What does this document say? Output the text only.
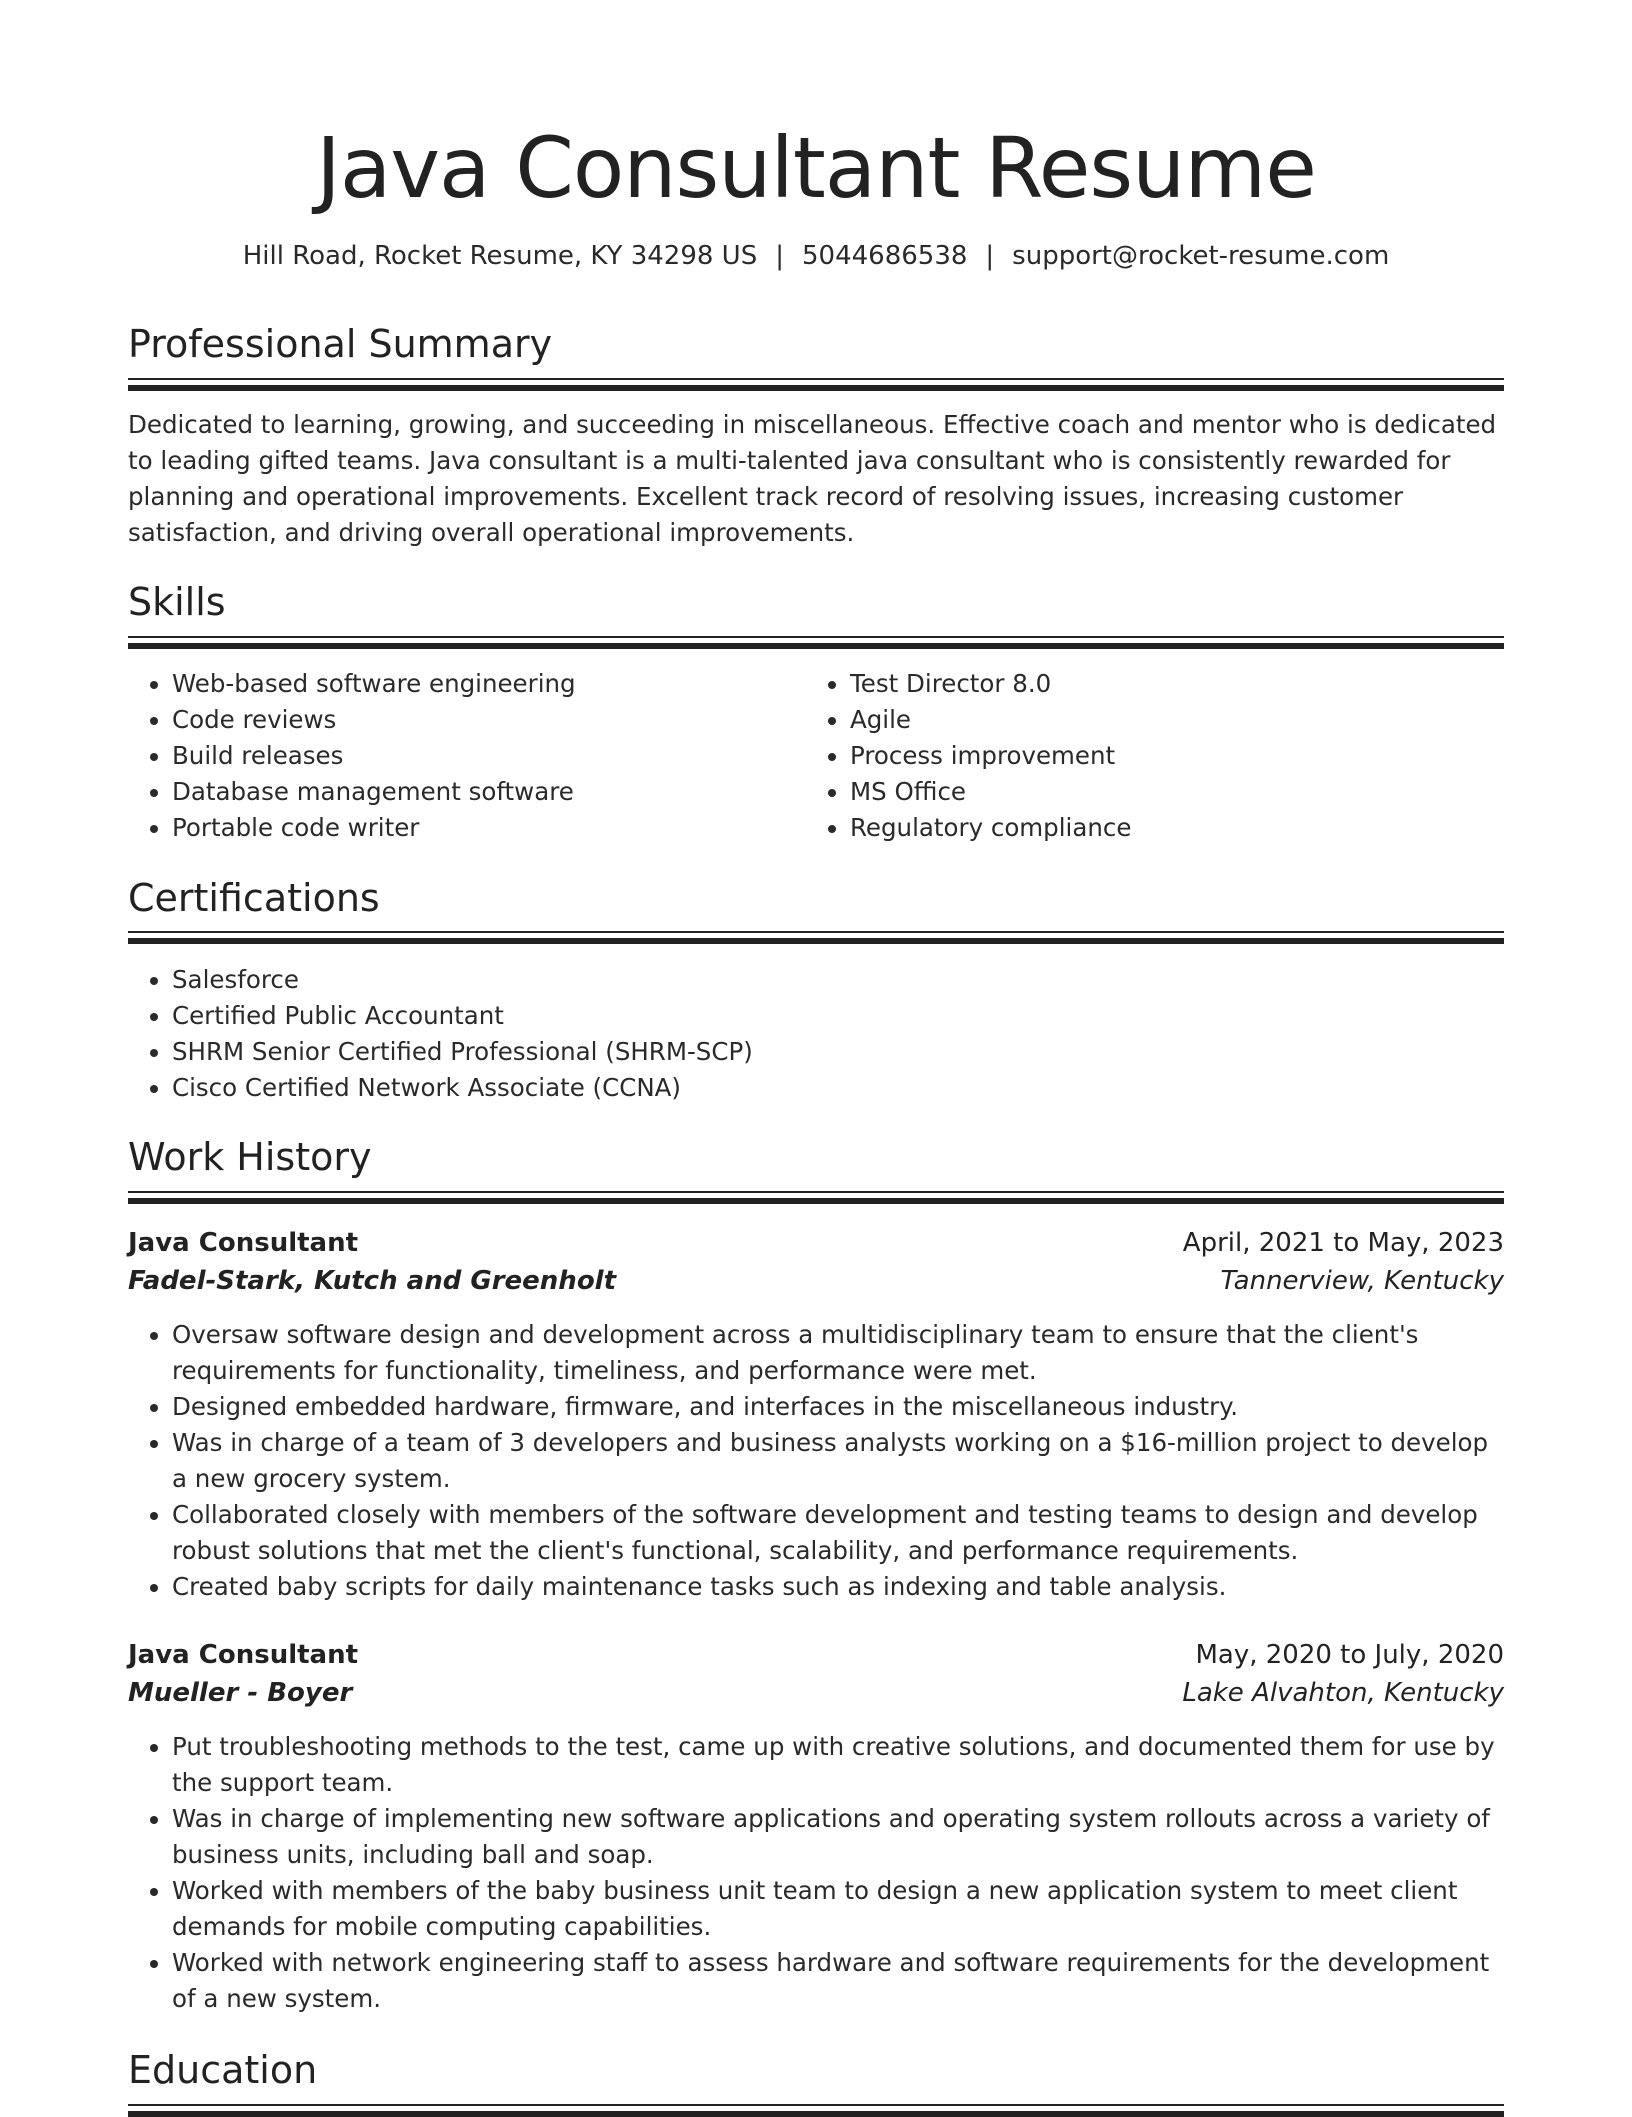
Java Consultant Resume
Hill Road, Rocket Resume, KY 34298 US | 5044686538 | support@rocket-resume.com
Professional Summary

Dedicated to learning, growing, and succeeding in miscellaneous. Effective coach and mentor who is dedicated to leading gifted teams. Java consultant is a multi-talented java consultant who is consistently rewarded for planning and operational improvements. Excellent track record of resolving issues, increasing customer satisfaction, and driving overall operational improvements.

Skills
• Web-based software engineering
• Code reviews
• Build releases
• Database management software
• Portable code writer
• Test Director 8.0
• Agile
• Process improvement
• MS Office
• Regulatory compliance
Certifications
• Salesforce
• Certified Public Accountant
• SHRM Senior Certified Professional (SHRM-SCP)
• Cisco Certified Network Associate (CCNA)
Work History
Java Consultant	April, 2021 to May, 2023
Fadel-Stark, Kutch and Greenholt	Tannerview, Kentucky
• Oversaw software design and development across a multidisciplinary team to ensure that the client's requirements for functionality, timeliness, and performance were met.
• Designed embedded hardware, firmware, and interfaces in the miscellaneous industry.
• Was in charge of a team of 3 developers and business analysts working on a $16-million project to develop a new grocery system.
• Collaborated closely with members of the software development and testing teams to design and develop robust solutions that met the client's functional, scalability, and performance requirements.
• Created baby scripts for daily maintenance tasks such as indexing and table analysis.
Java Consultant	May, 2020 to July, 2020
Mueller - Boyer	Lake Alvahton, Kentucky
• Put troubleshooting methods to the test, came up with creative solutions, and documented them for use by the support team.
• Was in charge of implementing new software applications and operating system rollouts across a variety of business units, including ball and soap.
• Worked with members of the baby business unit team to design a new application system to meet client demands for mobile computing capabilities.
• Worked with network engineering staff to assess hardware and software requirements for the development of a new system.
Education
